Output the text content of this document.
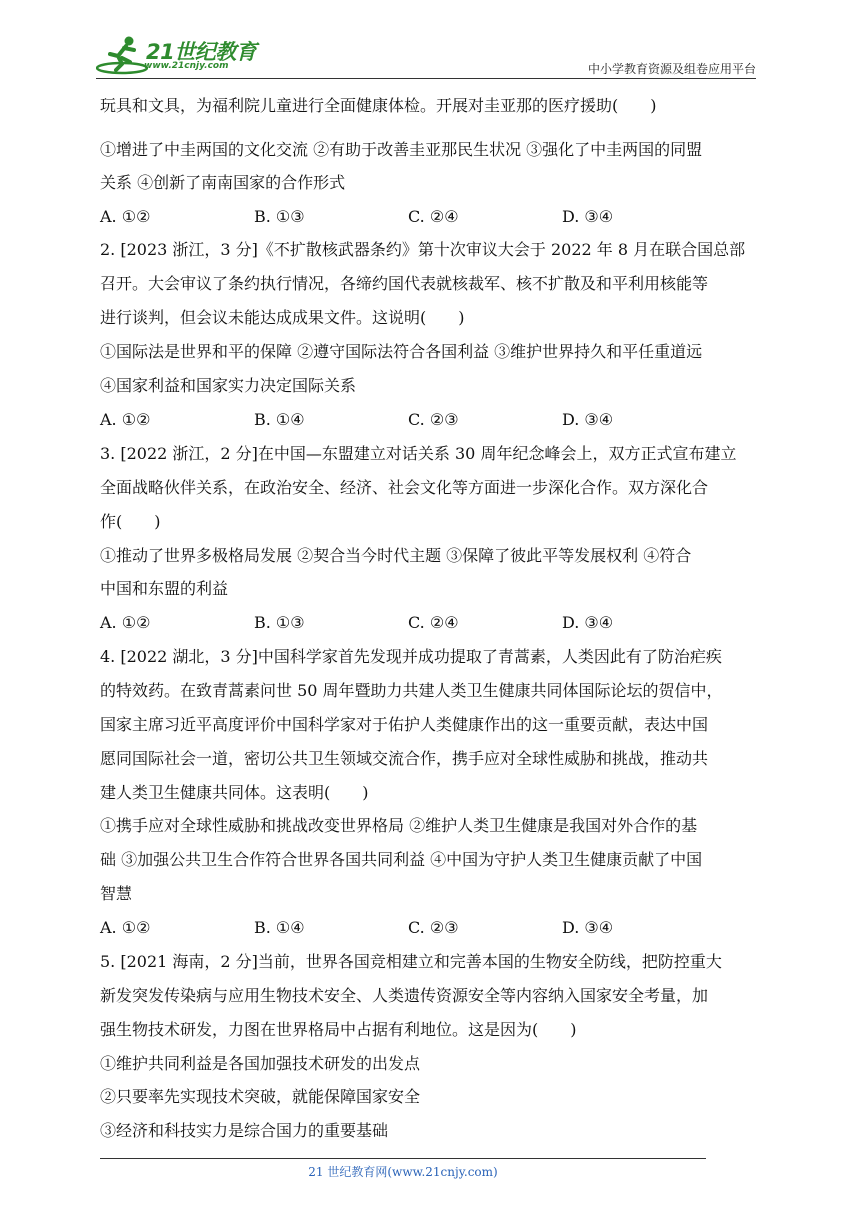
21世纪教育
www.21cnjy.com	中小学教育资源及组卷应用平台
玩具和文具，为福利院儿童进行全面健康体检。开展对圭亚那的医疗援助(　　)
①增进了中圭两国的文化交流 ②有助于改善圭亚那民生状况 ③强化了中圭两国的同盟
关系 ④创新了南南国家的合作形式
A. ①②	B. ①③	C. ②④	D. ③④
2. [2023 浙江，3 分]《不扩散核武器条约》第十次审议大会于 2022 年 8 月在联合国总部
召开。大会审议了条约执行情况，各缔约国代表就核裁军、核不扩散及和平利用核能等
进行谈判，但会议未能达成成果文件。这说明(　　)
①国际法是世界和平的保障 ②遵守国际法符合各国利益 ③维护世界持久和平任重道远
④国家利益和国家实力决定国际关系
A. ①②	B. ①④	C. ②③	D. ③④
3. [2022 浙江，2 分]在中国—东盟建立对话关系 30 周年纪念峰会上，双方正式宣布建立
全面战略伙伴关系，在政治安全、经济、社会文化等方面进一步深化合作。双方深化合
作(　　)
①推动了世界多极格局发展 ②契合当今时代主题 ③保障了彼此平等发展权利 ④符合
中国和东盟的利益
A. ①②	B. ①③	C. ②④	D. ③④
4. [2022 湖北，3 分]中国科学家首先发现并成功提取了青蒿素，人类因此有了防治疟疾
的特效药。在致青蒿素问世 50 周年暨助力共建人类卫生健康共同体国际论坛的贺信中，
国家主席习近平高度评价中国科学家对于佑护人类健康作出的这一重要贡献，表达中国
愿同国际社会一道，密切公共卫生领域交流合作，携手应对全球性威胁和挑战，推动共
建人类卫生健康共同体。这表明(　　)
①携手应对全球性威胁和挑战改变世界格局 ②维护人类卫生健康是我国对外合作的基
础 ③加强公共卫生合作符合世界各国共同利益 ④中国为守护人类卫生健康贡献了中国
智慧
A. ①②	B. ①④	C. ②③	D. ③④
5. [2021 海南，2 分]当前，世界各国竞相建立和完善本国的生物安全防线，把防控重大
新发突发传染病与应用生物技术安全、人类遗传资源安全等内容纳入国家安全考量，加
强生物技术研发，力图在世界格局中占据有利地位。这是因为(　　)
①维护共同利益是各国加强技术研发的出发点
②只要率先实现技术突破，就能保障国家安全
③经济和科技实力是综合国力的重要基础
21 世纪教育网(www.21cnjy.com)
